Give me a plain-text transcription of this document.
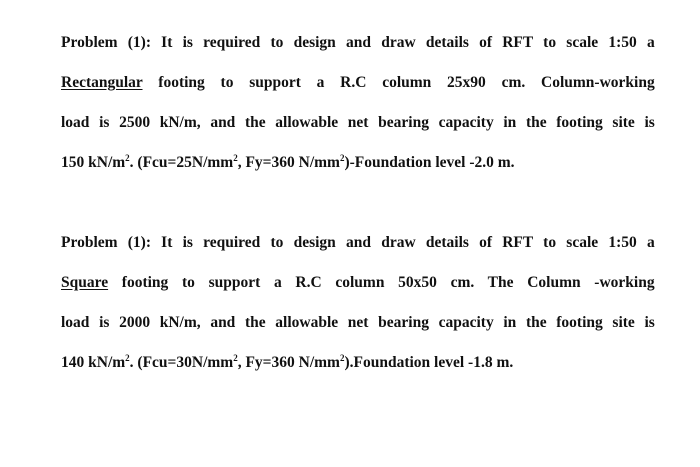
Problem (1): It is required to design and draw details of RFT to scale 1:50 a
Rectangular footing to support a R.C column 25x90 cm. Column-working
load is 2500 kN/m, and the allowable net bearing capacity in the footing site is
150 $kN/m^2$. ($Fcu=25N/mm^2$, Fy=360 $N/mm^2$)-Foundation level -2.0 m.
Problem (1): It is required to design and draw details of RFT to scale 1:50 a
Square footing to support a R.C column 50x50 cm. The Column -working
load is 2000 kN/m, and the allowable net bearing capacity in the footing site is
140 $kN/m^2$. ($Fcu=30N/mm^2$, Fy=360 $N/mm^2).Foundation$ level -1.8 m.
